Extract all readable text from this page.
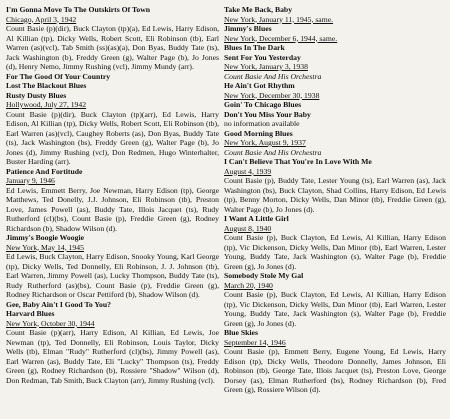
I'm Gonna Move To The Outskirts Of Town

Chicago, April 3, 1942

Count Basie (p)(dir), Buck Clayton (tp)(a), Ed Lewis, Harry Edison, Al Killian (tp), Dicky Wells, Robert Scott, Eli Robinson (tb), Earl Warren (as)(vcl), Tab Smith (ss)(as)(a), Don Byas, Buddy Tate (ts), Jack Washington (b), Freddy Green (g), Walter Page (b), Jo Jones (d), Henry Nemo, Jimmy Rushing (vcl), Jimmy Mundy (arr).

For The Good Of Your Country

Lost The Blackout Blues

Rusty Dusty Blues

Hollywood, July 27, 1942

Count Basie (p)(dir), Buck Clayton (tp)(arr), Ed Lewis, Harry Edison, Al Killian (tp), Dicky Wells, Robert Scott, Eli Robinson (tb), Earl Warren (as)(vcl), Caughey Roberts (as), Don Byas, Buddy Tate (ts), Jack Washington (bs), Freddy Green (g), Walter Page (b), Jo Jones (d), Jimmy Rushing (vcl), Don Redmen, Hugo Winterhalter, Buster Harding (arr).

Patience And Fortitude

January 9, 1946

Ed Lewis, Emmett Berry, Joe Newman, Harry Edison (tp), George Matthews, Ted Donelly, J.J. Johnson, Eli Robinson (tb), Preston Love, James Powell (as), Buddy Tate, Illois Jacquet (ts), Rudy Rutherford (cl)(bs), Count Basie (p), Freddie Green (g), Rodney Richardson (b), Shadow Wilson (d).

Jimmy's Boogie Woogie

New York, May 14, 1945

Ed Lewis, Buck Clayton, Harry Edison, Snooky Young, Karl George (tp), Dicky Wells, Ted Donnelly, Eli Robinson, J. J. Johnson (tb), Earl Warren, Jimmy Powell (as), Lucky Thompson, Buddy Tate (ts), Rudy Rutherford (as)(bs), Count Basie (p), Freddie Green (g), Rodney Richardson or Oscar Pettiford (b), Shadow Wilson (d).

Gee, Baby Ain't I Good To You?

Harvard Blues

New York, October 30, 1944

Count Basie (p)(arr), Harry Edison, Al Killian, Ed Lewis, Joe Newman (tp), Ted Donnelly, Eli Robinson, Louis Taylor, Dicky Wells (tb), Elman "Rudy" Rutherford (cl)(bs), Jimmy Powell (as), Earl Warren (as), Buddy Tate, Eli "Lucky" Thompson (ts), Freddy Green (g), Rodney Richardson (b), Rossiere "Shadow" Wilson (d), Don Redman, Tab Smith, Buck Clayton (arr), Jimmy Rushing (vcl).

Take Me Back, Baby

New York, January 11, 1945, same.

Jimmy's Blues

New York, December 6, 1944, same.

Blues In The Dark

Sent For You Yesterday

New York, January 3, 1938

Count Basie And His Orchestra

He Ain't Got Rhythm

New York, December 30, 1938

Goin' To Chicago Blues

Don't You Miss Your Baby

no information available

Good Morning Blues

New York, August 9, 1937

Count Basie And His Orchestra

I Can't Believe That You're In Love With Me

August 4, 1939

Count Basie (p), Buddy Tate, Lester Young (ts), Earl Warren (as), Jack Washington (bs), Buck Clayton, Shad Collins, Harry Edison, Ed Lewis (tp), Benny Morton, Dicky Wells, Dan Minor (tb), Freddie Green (g), Walter Page (b), Jo Jones (d).

I Want A Little Girl

August 8, 1940

Count Basie (p), Buck Clayton, Ed Lewis, Al Killian, Harry Edison (tp), Vic Dickenson, Dicky Wells, Dan Minor (tb), Earl Warren, Lester Young, Buddy Tate, Jack Washington (s), Walter Page (b), Freddie Green (g), Jo Jones (d).

Somebody Stole My Gal

March 20, 1940

Count Basie (p), Buck Clayton, Ed Lewis, Al Killian, Harry Edison (tp), Vic Dickenson, Dicky Wells, Dan Minor (tb), Earl Warren, Lester Young, Buddy Tate, Jack Washington (s), Walter Page (b), Freddie Green (g), Jo Jones (d).

Blue Skies

September 14, 1946

Count Basie (p), Emmett Berry, Eugene Young, Ed Lewis, Harry Edison (tp), Dicky Wells, Theodore Donnelly, James Johnson, Eli Robinson (tb), George Tate, Illois Jacquet (ts), Preston Love, George Dorsey (as), Elman Rutherford (bs), Rodney Richardson (b), Fred Green (g), Rossiere Wilson (d).
